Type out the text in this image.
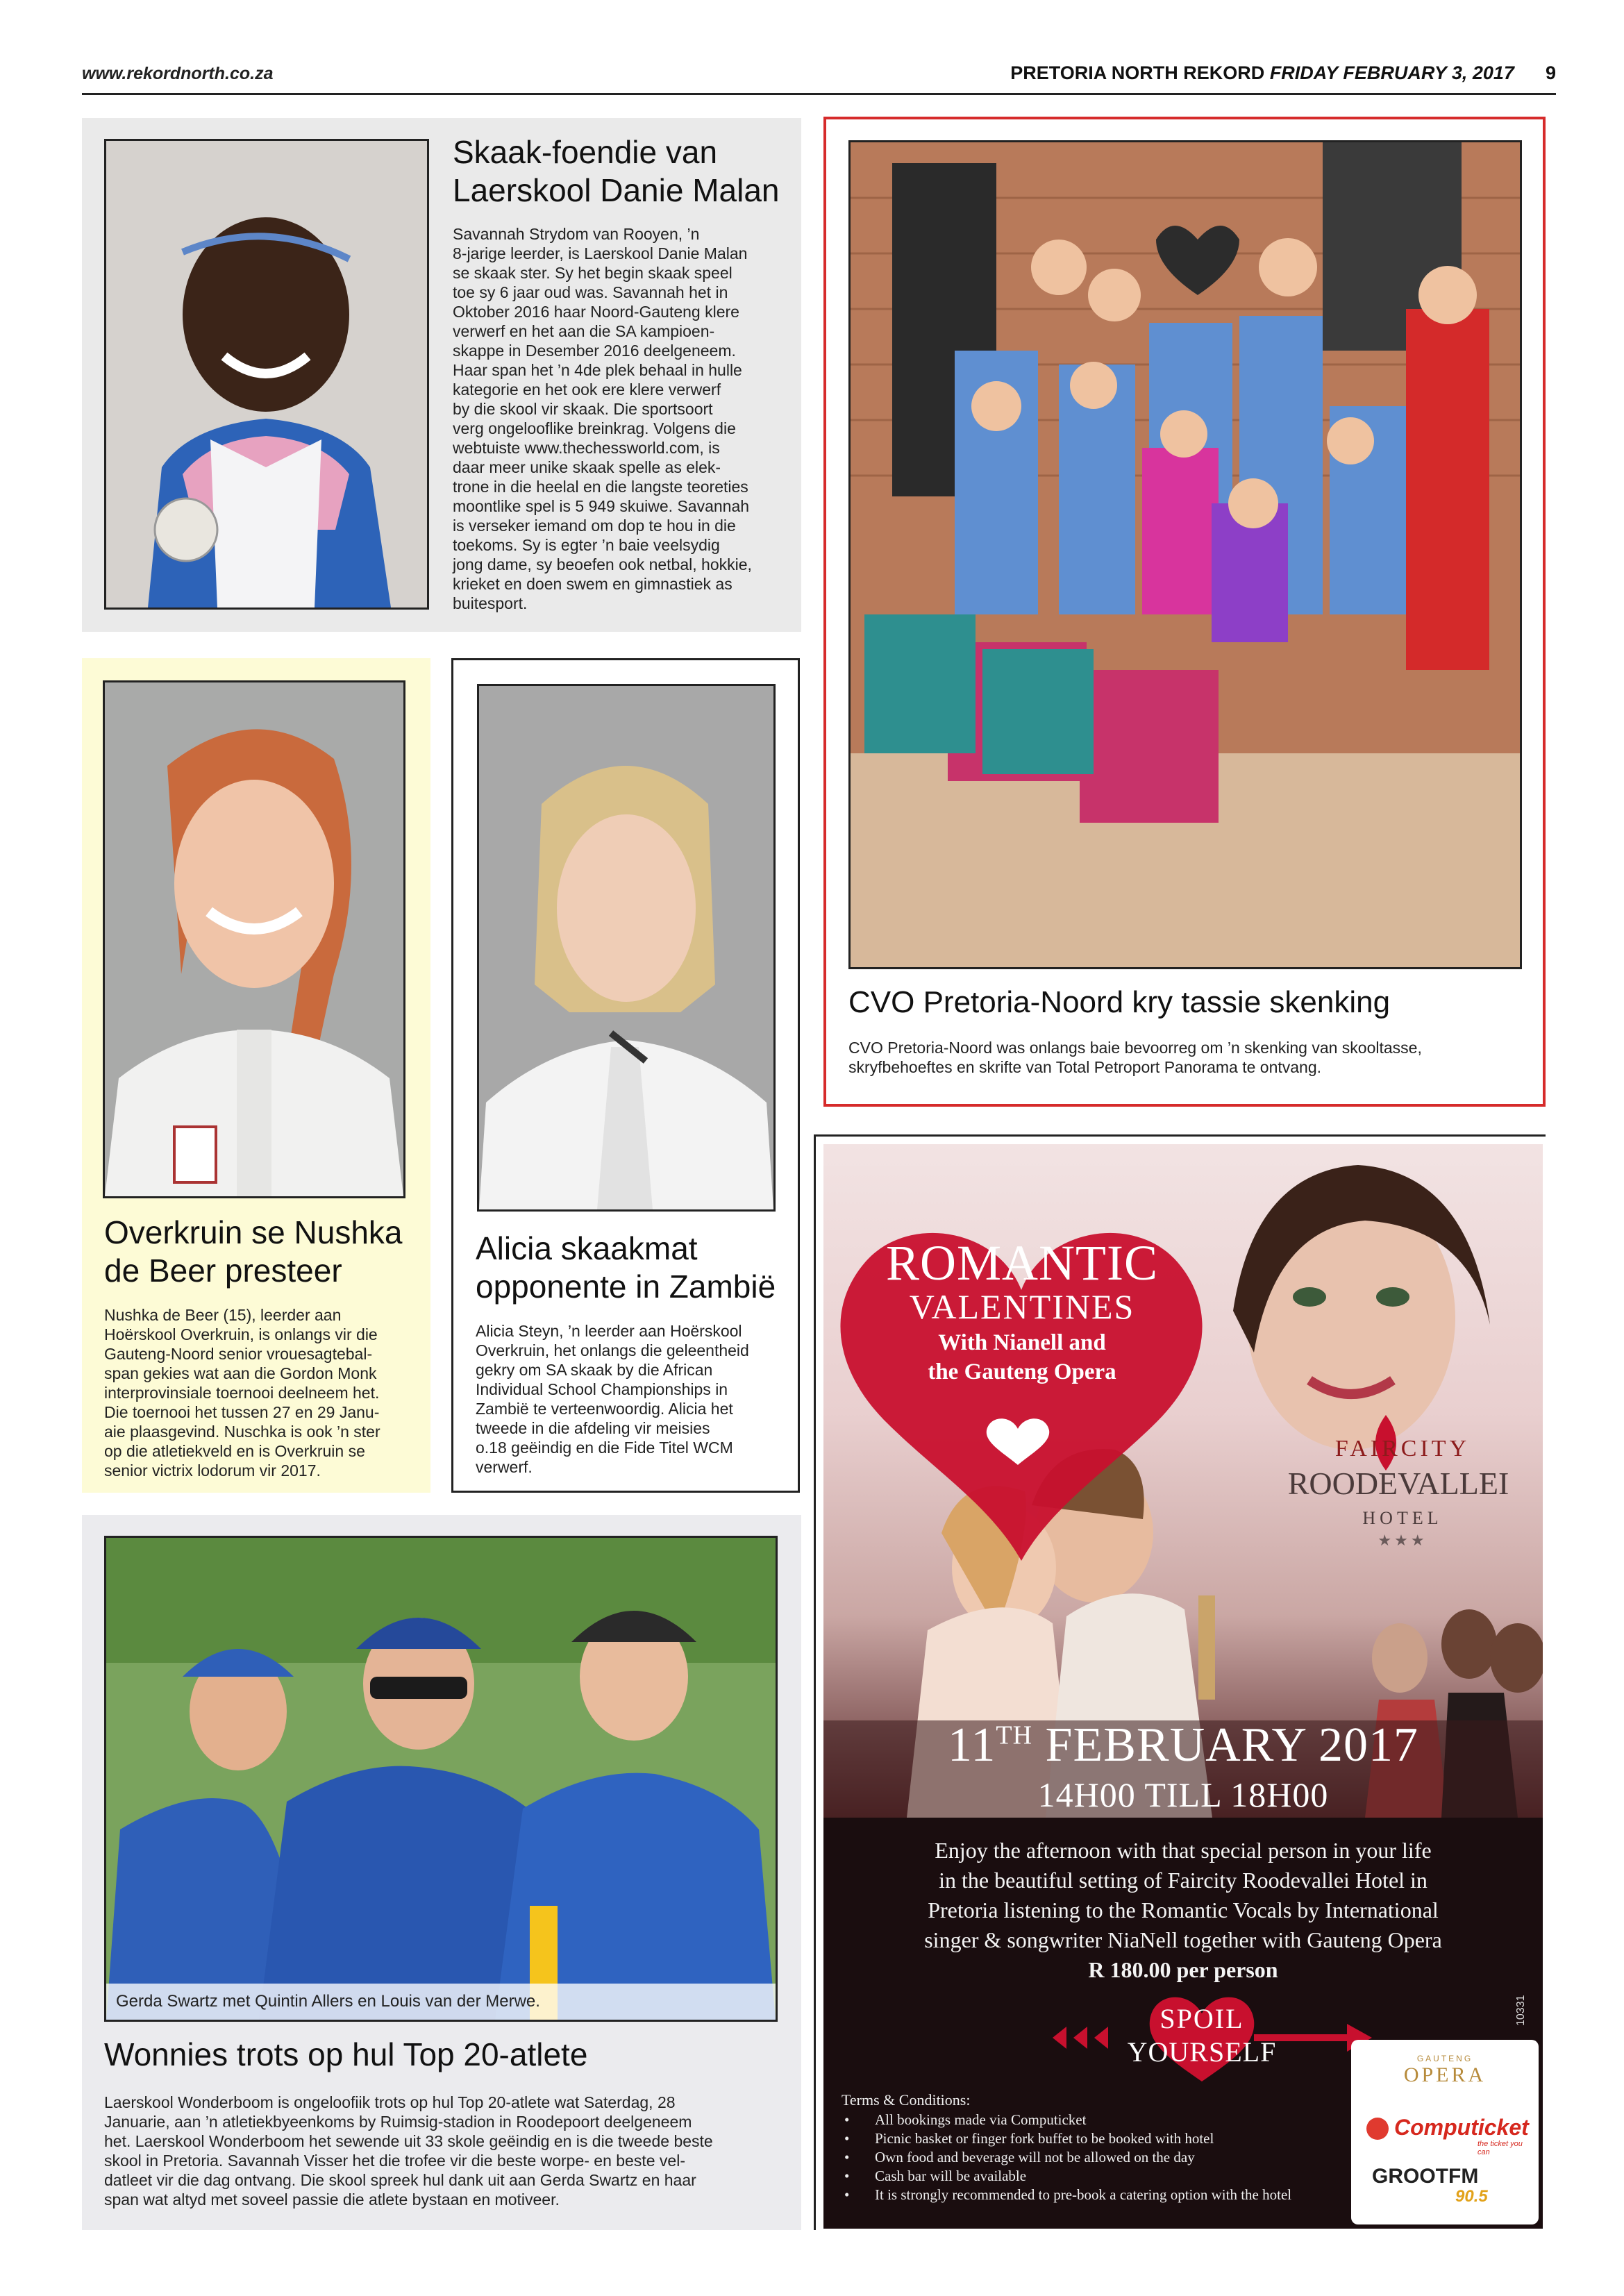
www.rekordnorth.co.za	PRETORIA NORTH REKORD FRIDAY FEBRUARY 3, 2017 9
Skaak-foendie van
Laerskool Danie Malan
Savannah Strydom van Rooyen, ’n
8-jarige leerder, is Laerskool Danie Malan
se skaak ster. Sy het begin skaak speel
toe sy 6 jaar oud was. Savannah het in
Oktober 2016 haar Noord-Gauteng klere
verwerf en het aan die SA kampioen-
skappe in Desember 2016 deelgeneem.
Haar span het ’n 4de plek behaal in hulle
kategorie en het ook ere klere verwerf
by die skool vir skaak. Die sportsoort
verg ongelooflike breinkrag. Volgens die
webtuiste www.thechessworld.com, is
daar meer unike skaak spelle as elek-
trone in die heelal en die langste teoreties
moontlike spel is 5 949 skuiwe. Savannah
is verseker iemand om dop te hou in die
toekoms. Sy is egter ’n baie veelsydig
jong dame, sy beoefen ook netbal, hokkie,
krieket en doen swem en gimnastiek as
buitesport.
Overkruin se Nushka
de Beer presteer
Nushka de Beer (15), leerder aan
Hoërskool Overkruin, is onlangs vir die
Gauteng-Noord senior vrouesagtebal-
span gekies wat aan die Gordon Monk
interprovinsiale toernooi deelneem het.
Die toernooi het tussen 27 en 29 Janu-
aie plaasgevind. Nuschka is ook ’n ster
op die atletiekveld en is Overkruin se
senior victrix lodorum vir 2017.
Alicia skaakmat
opponente in Zambië
Alicia Steyn, ’n leerder aan Hoërskool
Overkruin, het onlangs die geleentheid
gekry om SA skaak by die African
Individual School Championships in
Zambië te verteenwoordig. Alicia het
tweede in die afdeling vir meisies
o.18 geëindig en die Fide Titel WCM
verwerf.
CVO Pretoria-Noord kry tassie skenking
CVO Pretoria-Noord was onlangs baie bevoorreg om ’n skenking van skooltasse,
skryfbehoeftes en skrifte van Total Petroport Panorama te ontvang.
Gerda Swartz met Quintin Allers en Louis van der Merwe.
Wonnies trots op hul Top 20-atlete
Laerskool Wonderboom is ongeloofiik trots op hul Top 20-atlete wat Saterdag, 28
Januarie, aan ’n atletiekbyeenkoms by Ruimsig-stadion in Roodepoort deelgeneem
het. Laerskool Wonderboom het sewende uit 33 skole geëindig en is die tweede beste
skool in Pretoria. Savannah Visser het die trofee vir die beste worpe- en beste vel-
datleet vir die dag ontvang. Die skool spreek hul dank uit aan Gerda Swartz en haar
span wat altyd met soveel passie die atlete bystaan en motiveer.
ROMANTIC
VALENTINES
With Nianell and
the Gauteng Opera
FAIRCITY
ROODEVALLEI
HOTEL
★★★
11TH FEBRUARY 2017
14H00 TILL 18H00
Enjoy the afternoon with that special person in your life
in the beautiful setting of Faircity Roodevallei Hotel in
Pretoria listening to the Romantic Vocals by International
singer & songwriter NiaNell together with Gauteng Opera
R 180.00 per person
SPOIL
YOURSELF
10331
Terms & Conditions:
• All bookings made via Computicket
• Picnic basket or finger fork buffet to be booked with hotel
• Own food and beverage will not be allowed on the day
• Cash bar will be available
• It is strongly recommended to pre-book a catering option with the hotel
GAUTENG
OPERA
Computicket
the ticket you can
GROOTFM
90.5
